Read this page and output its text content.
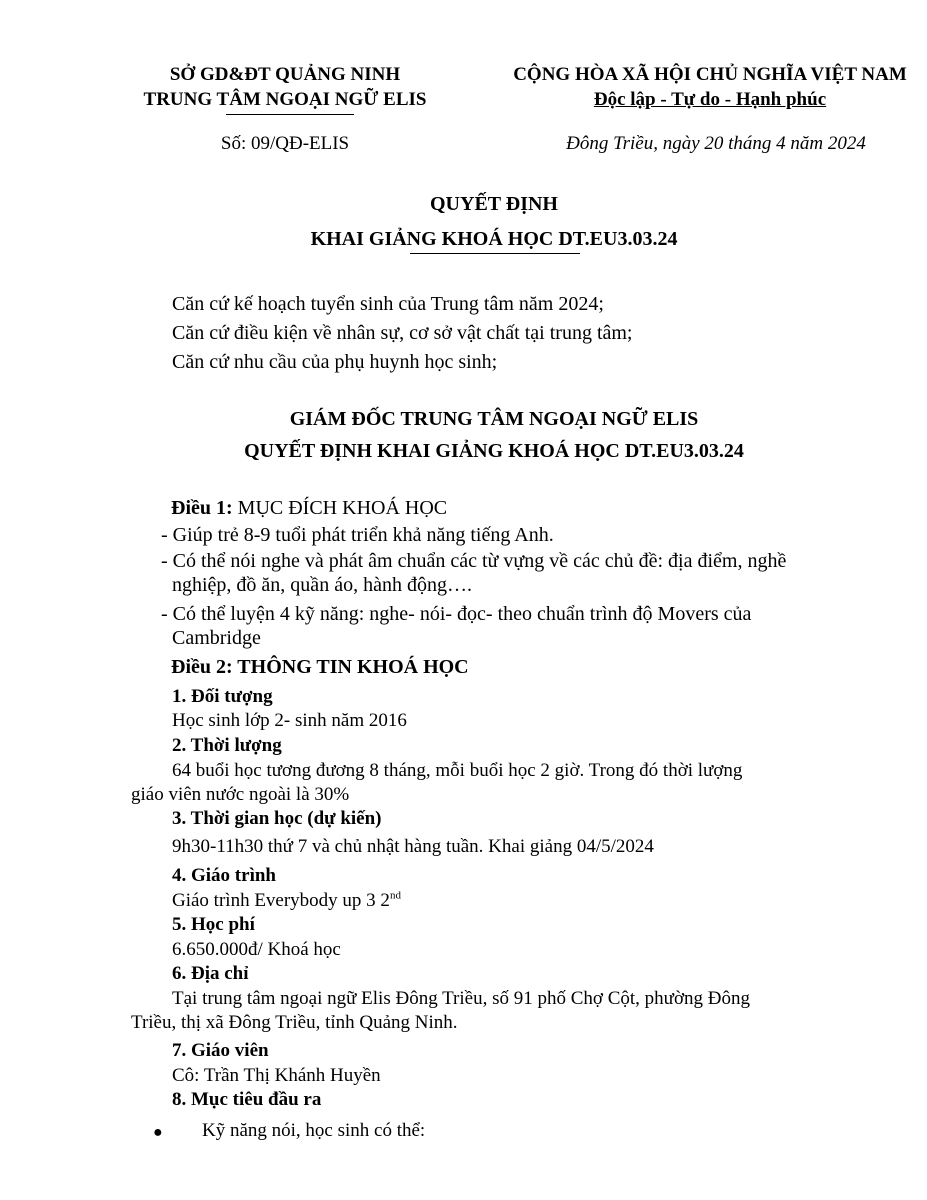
SỞ GD&ĐT QUẢNG NINH
TRUNG TÂM NGOẠI NGỮ ELIS
CỘNG HÒA XÃ HỘI CHỦ NGHĨA VIỆT NAM
Độc lập - Tự do - Hạnh phúc
Số: 09/QĐ-ELIS	Đông Triều, ngày 20 tháng 4 năm 2024
QUYẾT ĐỊNH
KHAI GIẢNG KHOÁ HỌC DT.EU3.03.24
Căn cứ kế hoạch tuyển sinh của Trung tâm năm 2024;
Căn cứ điều kiện về nhân sự, cơ sở vật chất tại trung tâm;
Căn cứ nhu cầu của phụ huynh học sinh;
GIÁM ĐỐC TRUNG TÂM NGOẠI NGỮ ELIS
QUYẾT ĐỊNH KHAI GIẢNG KHOÁ HỌC DT.EU3.03.24
Điều 1: MỤC ĐÍCH KHOÁ HỌC
- Giúp trẻ 8-9 tuổi phát triển khả năng tiếng Anh.
- Có thể nói nghe và phát âm chuẩn các từ vựng về các chủ đề: địa điểm, nghề
nghiệp, đồ ăn, quần áo, hành động….
- Có thể luyện 4 kỹ năng: nghe- nói- đọc- theo chuẩn trình độ Movers của
Cambridge
Điều 2: THÔNG TIN KHOÁ HỌC
1. Đối tượng
Học sinh lớp 2- sinh năm 2016
2. Thời lượng
64 buổi học tương đương 8 tháng, mỗi buổi học 2 giờ. Trong đó thời lượng
giáo viên nước ngoài là 30%
3. Thời gian học (dự kiến)
9h30-11h30 thứ 7 và chủ nhật hàng tuần. Khai giảng 04/5/2024
4. Giáo trình
Giáo trình Everybody up 3 2nd
5. Học phí
6.650.000đ/ Khoá học
6. Địa chỉ
Tại trung tâm ngoại ngữ Elis Đông Triều, số 91 phố Chợ Cột, phường Đông
Triều, thị xã Đông Triều, tỉnh Quảng Ninh.
7. Giáo viên
Cô: Trần Thị Khánh Huyền
8. Mục tiêu đầu ra
● Kỹ năng nói, học sinh có thể:
